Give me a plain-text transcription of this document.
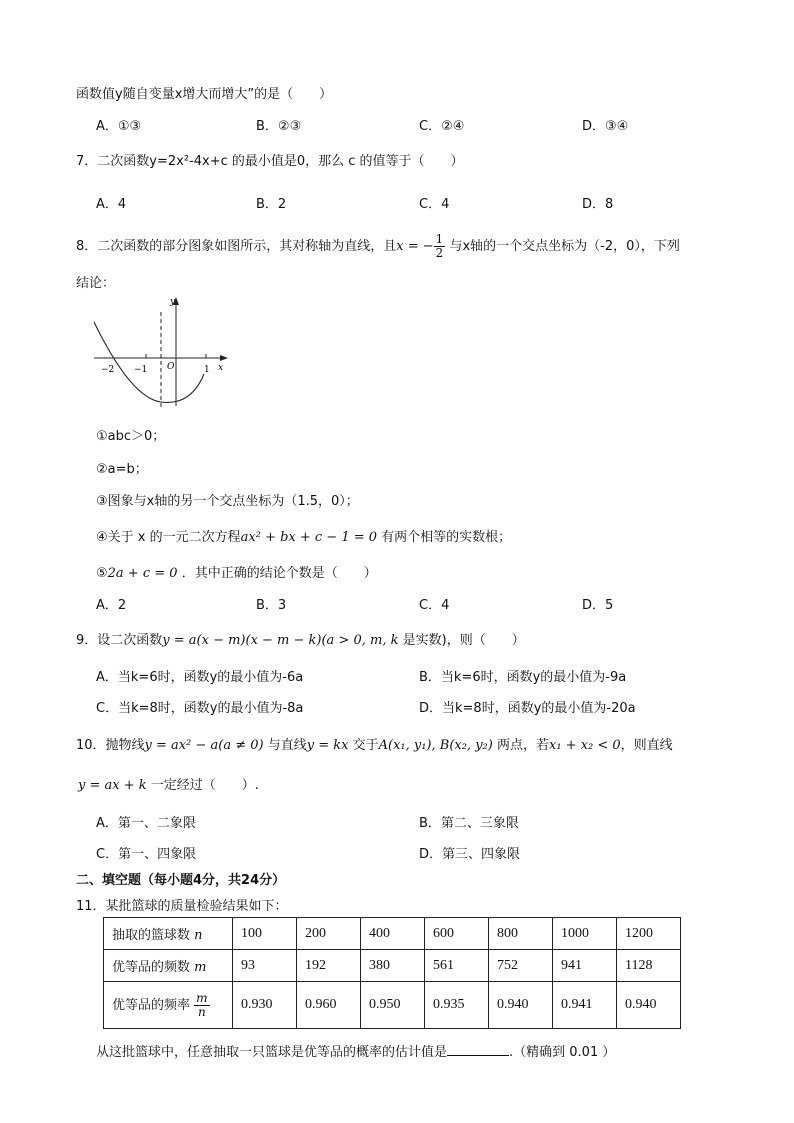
函数值y随自变量x增大而增大”的是（　　）
A．①③	B．②③	C．②④	D．③④
7．二次函数y=2x²-4x+c 的最小值是0，那么 c 的值等于（　　）
A．4	B．2	C．4	D．8
8．二次函数的部分图象如图所示，其对称轴为直线，且x = − $\frac{1}{2}$ 与x轴的一个交点坐标为（-2，0），下列
结论：
y
x
O
−2 −1	1
①abc＞0；
②a=b；
③图象与x轴的另一个交点坐标为（1.5，0）；
④关于 x 的一元二次方程ax² + bx + c − 1 = 0 有两个相等的实数根；
⑤2a + c = 0 ．其中正确的结论个数是（　　）
A．2	B．3	C．4	D．5
9．设二次函数y = a(x − m)(x − m − k)(a > 0, m, k 是实数)，则（　　）
A．当k=6时，函数y的最小值为-6a	B．当k=6时，函数y的最小值为-9a
C．当k=8时，函数y的最小值为-8a	D．当k=8时，函数y的最小值为-20a
10．抛物线y = ax² − a(a ≠ 0) 与直线y = kx 交于A(x₁, y₁), B(x₂, y₂) 两点，若x₁ + x₂ < 0，则直线
y = ax + k 一定经过（　　）.
A．第一、二象限	B．第二、三象限
C．第一、四象限	D．第三、四象限
二、填空题（每小题4分，共24分）
11．某批篮球的质量检验结果如下：
抽取的篮球数 n	100	200	400	600	800	1000	1200
优等品的频数 m	93	192	380	561	752	941	1128
优等品的频率 $\frac{m}{n}$	0.930	0.960	0.950	0.935	0.940	0.941	0.940
从这批篮球中，任意抽取一只篮球是优等品的概率的估计值是	.（精确到 0.01 ）
